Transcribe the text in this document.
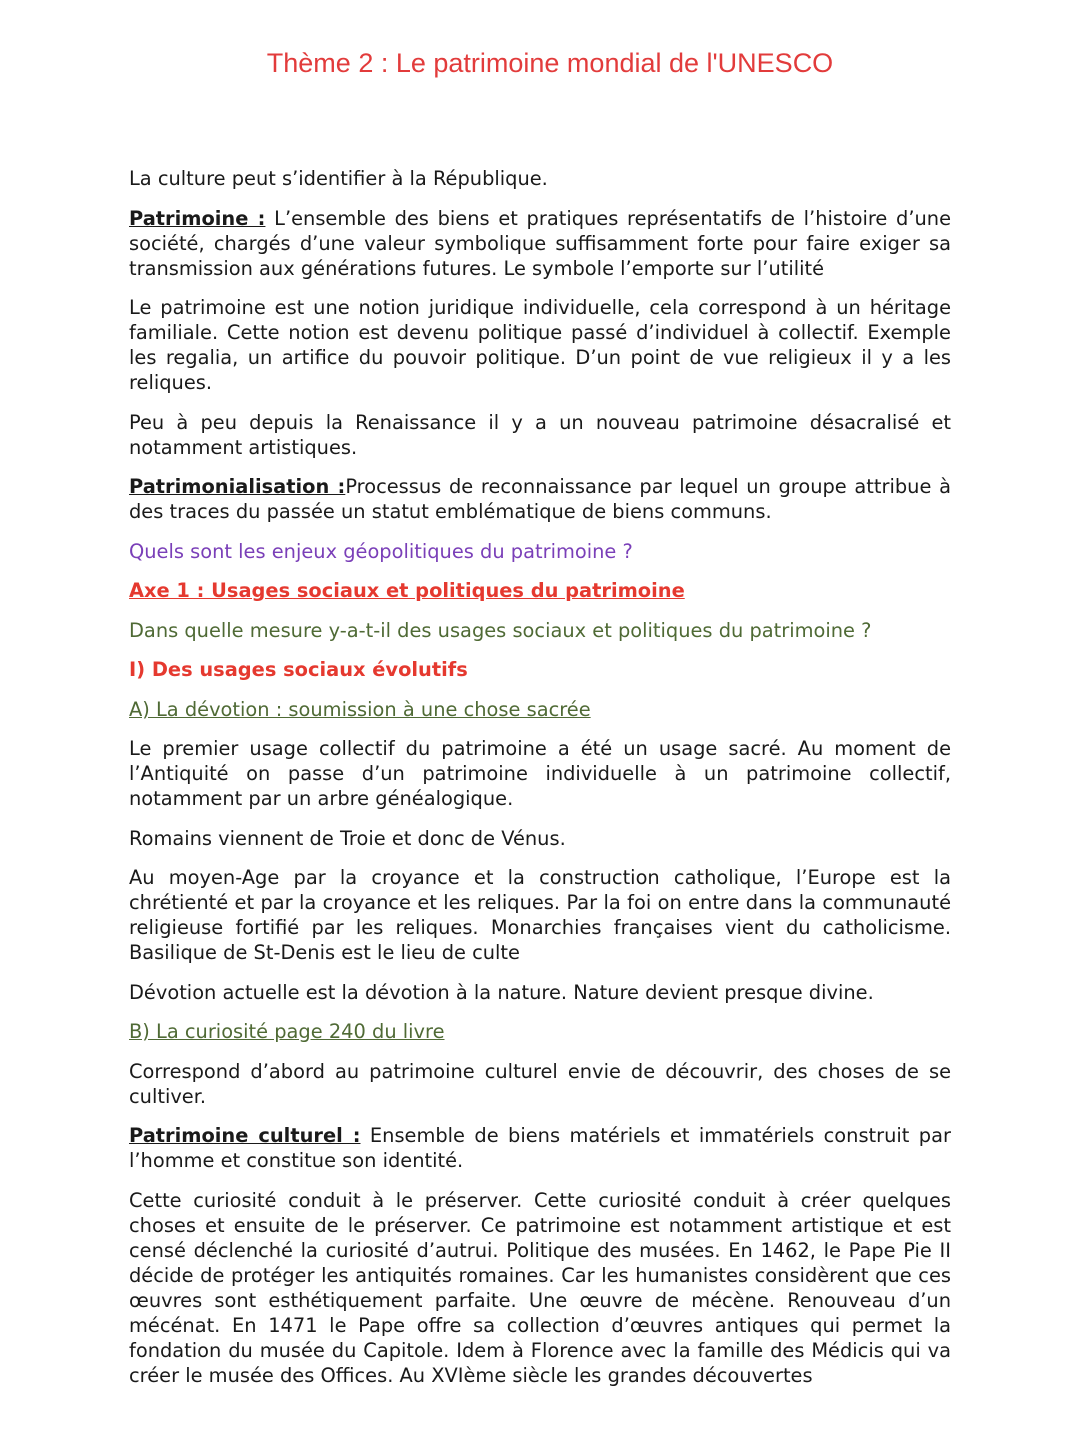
Thème 2 : Le patrimoine mondial de l'UNESCO

La culture peut s’identifier à la République.

Patrimoine : L’ensemble des biens et pratiques représentatifs de l’histoire d’une société, chargés d’une valeur symbolique suffisamment forte pour faire exiger sa transmission aux générations futures. Le symbole l’emporte sur l’utilité

Le patrimoine est une notion juridique individuelle, cela correspond à un héritage familiale. Cette notion est devenu politique passé d’individuel à collectif. Exemple les regalia, un artifice du pouvoir politique. D’un point de vue religieux il y a les reliques.

Peu à peu depuis la Renaissance il y a un nouveau patrimoine désacralisé et notamment artistiques.

Patrimonialisation :Processus de reconnaissance par lequel un groupe attribue à des traces du passée un statut emblématique de biens communs.

Quels sont les enjeux géopolitiques du patrimoine ?

Axe 1 : Usages sociaux et politiques du patrimoine

Dans quelle mesure y-a-t-il des usages sociaux et politiques du patrimoine ?

I) Des usages sociaux évolutifs

A) La dévotion : soumission à une chose sacrée

Le premier usage collectif du patrimoine a été un usage sacré. Au moment de l’Antiquité on passe d’un patrimoine individuelle à un patrimoine collectif, notamment par un arbre généalogique.

Romains viennent de Troie et donc de Vénus.

Au moyen-Age par la croyance et la construction catholique, l’Europe est la chrétienté et par la croyance et les reliques. Par la foi on entre dans la communauté religieuse fortifié par les reliques. Monarchies françaises vient du catholicisme. Basilique de St-Denis est le lieu de culte

Dévotion actuelle est la dévotion à la nature. Nature devient presque divine.

B) La curiosité page 240 du livre

Correspond d’abord au patrimoine culturel envie de découvrir, des choses de se cultiver.

Patrimoine culturel : Ensemble de biens matériels et immatériels construit par l’homme et constitue son identité.

Cette curiosité conduit à le préserver. Cette curiosité conduit à créer quelques choses et ensuite de le préserver. Ce patrimoine est notamment artistique et est censé déclenché la curiosité d’autrui. Politique des musées. En 1462, le Pape Pie II décide de protéger les antiquités romaines. Car les humanistes considèrent que ces œuvres sont esthétiquement parfaite. Une œuvre de mécène. Renouveau d’un mécénat. En 1471 le Pape offre sa collection d’œuvres antiques qui permet la fondation du musée du Capitole. Idem à Florence avec la famille des Médicis qui va créer le musée des Offices. Au XVIème siècle les grandes découvertes
